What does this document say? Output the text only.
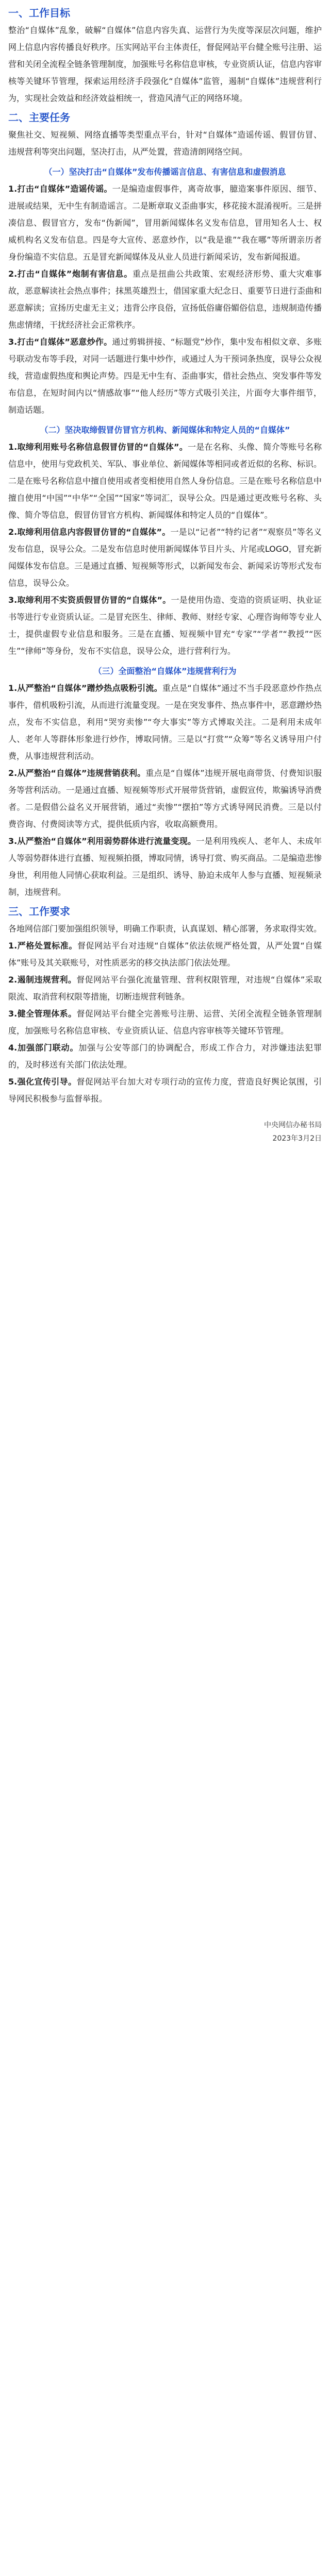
一、工作目标

整治“自媒体”乱象，破解“自媒体”信息内容失真、运营行为失度等深层次问题，维护网上信息内容传播良好秩序。压实网站平台主体责任，督促网站平台健全账号注册、运营和关闭全流程全链条管理制度，加强账号名称信息审核，专业资质认证，信息内容审核等关键环节管理，探索运用经济手段强化“自媒体”监管，遏制“自媒体”违规营利行为，实现社会效益和经济效益相统一，营造风清气正的网络环境。

二、主要任务

聚焦社交、短视频、网络直播等类型重点平台，针对“自媒体”造谣传谣、假冒仿冒、违规营利等突出问题，坚决打击，从严处置，营造清朗网络空间。

（一）坚决打击“自媒体”发布传播谣言信息、有害信息和虚假消息

1.打击“自媒体”造谣传谣。一是编造虚假事件，离奇故事，臆造案事件原因、细节、进展或结果，无中生有制造谣言。二是断章取义歪曲事实，移花接木混淆视听。三是拼凑信息、假冒官方，发布“伪新闻”，冒用新闻媒体名义发布信息，冒用知名人士、权威机构名义发布信息。四是夸大宣传、恶意炒作，以“我是谁”“我在哪”等所谓亲历者身份编造不实信息。五是冒充新闻媒体及从业人员进行新闻采访，发布新闻报道。

2.打击“自媒体”炮制有害信息。重点是扭曲公共政策、宏观经济形势、重大灾难事故，恶意解读社会热点事件；抹黑英雄烈士，借国家重大纪念日、重要节日进行歪曲和恶意解读；宣扬历史虚无主义；违背公序良俗，宣扬低俗庸俗媚俗信息，违规制造传播焦虑情绪，干扰经济社会正常秩序。

3.打击“自媒体”恶意炒作。通过剪辑拼接、“标题党”炒作，集中发布相似文章、多账号联动发布等手段，对同一话题进行集中炒作，或通过人为干预词条热度，误导公众视线，营造虚假热度和舆论声势。四是无中生有、歪曲事实，借社会热点、突发事件等发布信息，在短时间内以“情感故事”“他人经历”等方式吸引关注，片面夸大事件细节，制造话题。

（二）坚决取缔假冒仿冒官方机构、新闻媒体和特定人员的“自媒体”

1.取缔利用账号名称信息假冒仿冒的“自媒体”。一是在名称、头像、简介等账号名称信息中，使用与党政机关、军队、事业单位、新闻媒体等相同或者近似的名称、标识。二是在账号名称信息中擅自使用或者变相使用自然人身份信息。三是在账号名称信息中擅自使用“中国”“中华”“全国”“国家”等词汇，误导公众。四是通过更改账号名称、头像、简介等信息，假冒仿冒官方机构、新闻媒体和特定人员的“自媒体”。

2.取缔利用信息内容假冒仿冒的“自媒体”。一是以“记者”“特约记者”“观察员”等名义发布信息，误导公众。二是发布信息时使用新闻媒体节目片头、片尾或LOGO，冒充新闻媒体发布信息。三是通过直播、短视频等形式，以新闻发布会、新闻采访等形式发布信息，误导公众。

3.取缔利用不实资质假冒仿冒的“自媒体”。一是使用伪造、变造的资质证明、执业证书等进行专业资质认证。二是冒充医生、律师、教师、财经专家、心理咨询师等专业人士，提供虚假专业信息和服务。三是在直播、短视频中冒充“专家”“学者”“教授”“医生”“律师”等身份，发布不实信息，误导公众，进行营利行为。

（三）全面整治“自媒体”违规营利行为

1.从严整治“自媒体”蹭炒热点吸粉引流。重点是“自媒体”通过不当手段恶意炒作热点事件，借机吸粉引流，从而进行流量变现。一是在突发事件、热点事件中，恶意蹭炒热点，发布不实信息，利用“哭穷卖惨”“夸大事实”等方式博取关注。二是利用未成年人、老年人等群体形象进行炒作，博取同情。三是以“打赏”“众筹”等名义诱导用户付费，从事违规营利活动。

2.从严整治“自媒体”违规营销获利。重点是“自媒体”违规开展电商带货、付费知识服务等营利活动。一是通过直播、短视频等形式开展带货营销，虚假宣传，欺骗诱导消费者。二是假借公益名义开展营销，通过“卖惨”“摆拍”等方式诱导网民消费。三是以付费咨询、付费阅读等方式，提供低质内容，收取高额费用。

3.从严整治“自媒体”利用弱势群体进行流量变现。一是利用残疾人、老年人、未成年人等弱势群体进行直播、短视频拍摄，博取同情，诱导打赏、购买商品。二是编造悲惨身世，利用他人同情心获取利益。三是组织、诱导、胁迫未成年人参与直播、短视频录制，违规营利。

三、工作要求

各地网信部门要加强组织领导，明确工作职责，认真谋划、精心部署，务求取得实效。

1.严格处置标准。督促网站平台对违规“自媒体”依法依规严格处置，从严处置“自媒体”账号及其关联账号，对性质恶劣的移交执法部门依法处理。

2.遏制违规营利。督促网站平台强化流量管理、营利权限管理，对违规“自媒体”采取限流、取消营利权限等措施，切断违规营利链条。

3.健全管理体系。督促网站平台健全完善账号注册、运营、关闭全流程全链条管理制度，加强账号名称信息审核、专业资质认证、信息内容审核等关键环节管理。

4.加强部门联动。加强与公安等部门的协调配合，形成工作合力，对涉嫌违法犯罪的，及时移送有关部门依法处理。

5.强化宣传引导。督促网站平台加大对专项行动的宣传力度，营造良好舆论氛围，引导网民积极参与监督举报。

中央网信办秘书局
2023年3月2日
